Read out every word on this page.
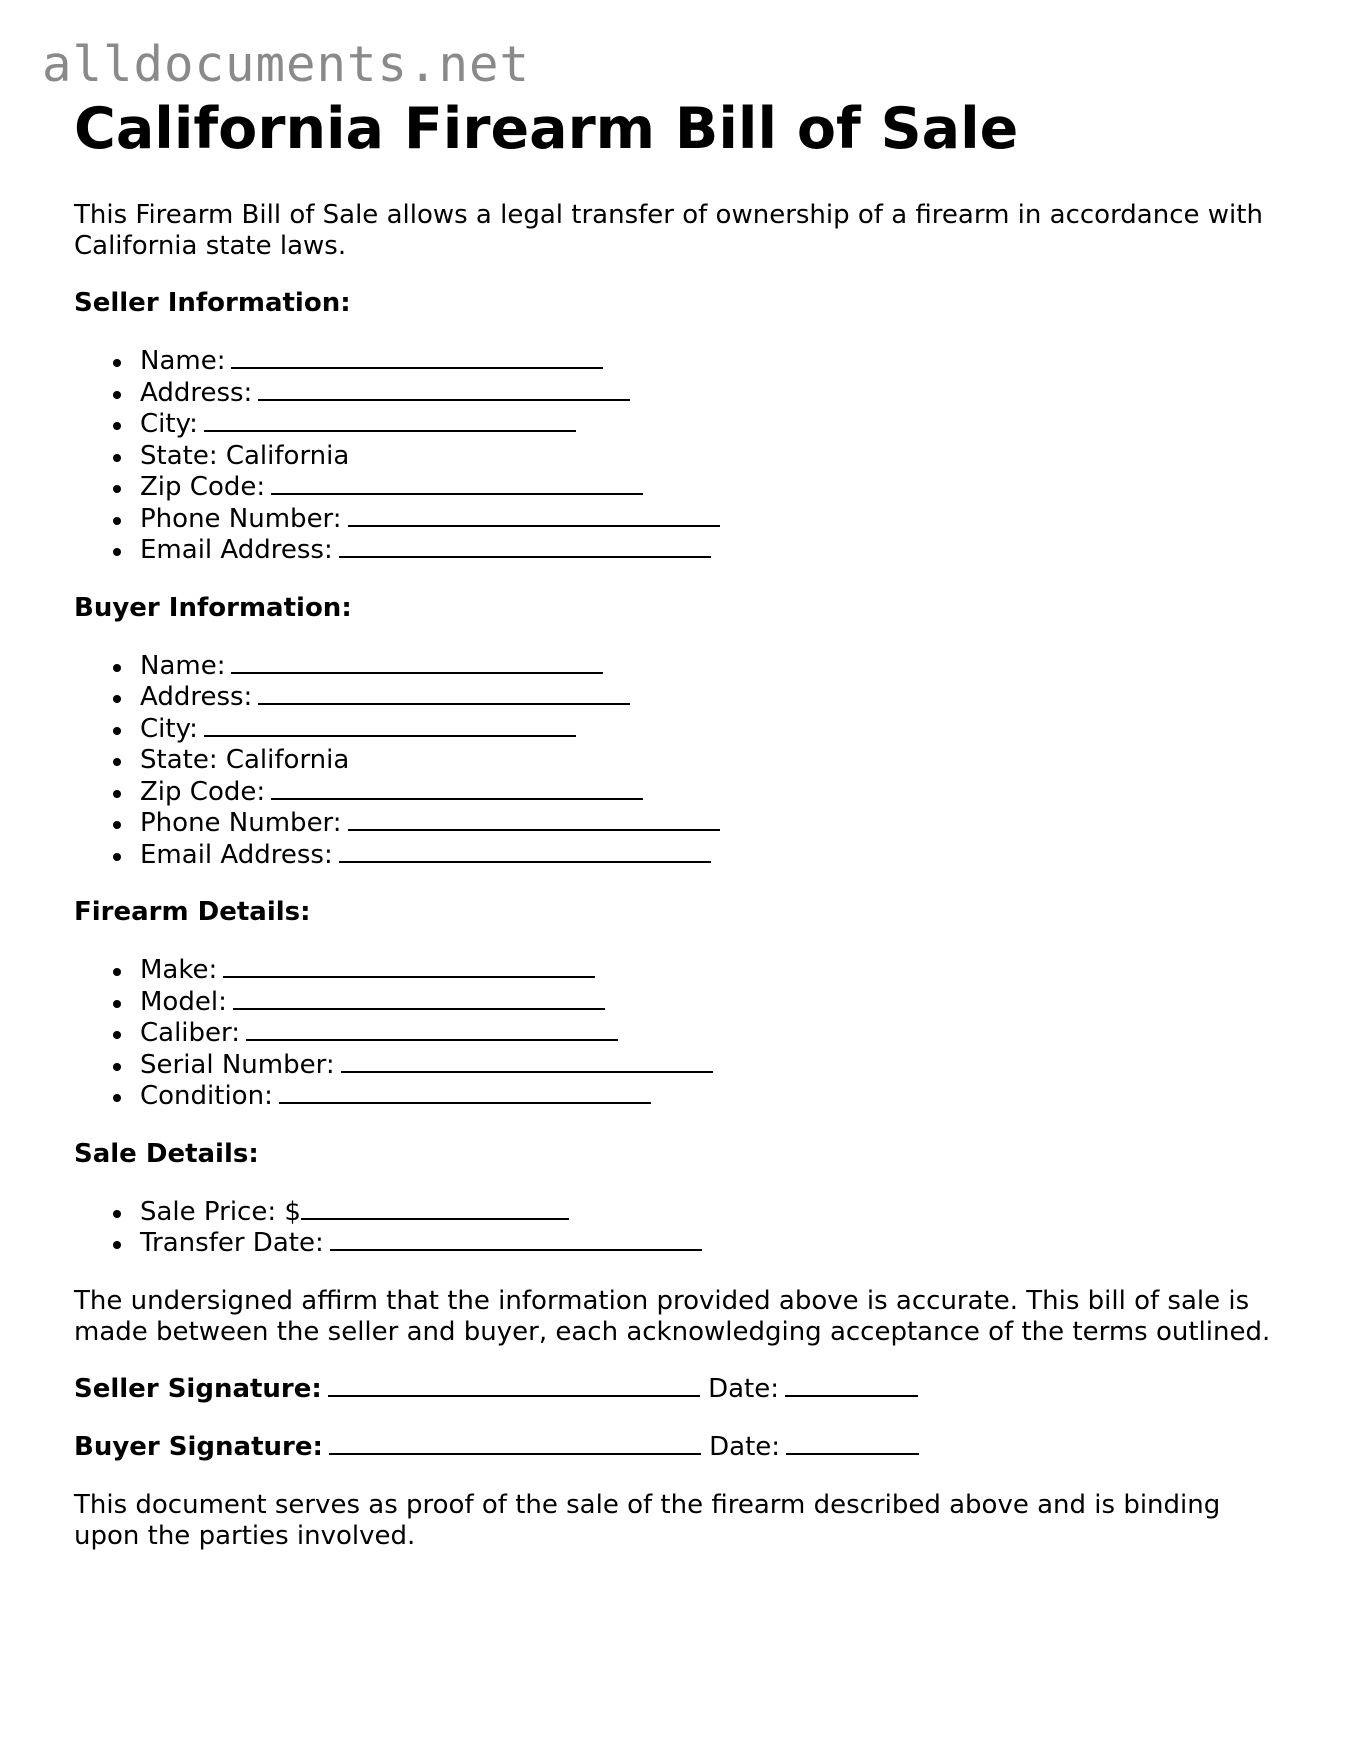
alldocuments.net
California Firearm Bill of Sale

This Firearm Bill of Sale allows a legal transfer of ownership of a firearm in accordance with California state laws.

Seller Information:
Name:
Address:
City:
State: California
Zip Code:
Phone Number:
Email Address:
Buyer Information:
Name:
Address:
City:
State: California
Zip Code:
Phone Number:
Email Address:
Firearm Details:
Make:
Model:
Caliber:
Serial Number:
Condition:
Sale Details:
Sale Price: $
Transfer Date:

The undersigned affirm that the information provided above is accurate. This bill of sale is made between the seller and buyer, each acknowledging acceptance of the terms outlined.

Seller Signature:	Date:
Buyer Signature:	Date:

This document serves as proof of the sale of the firearm described above and is binding upon the parties involved.
